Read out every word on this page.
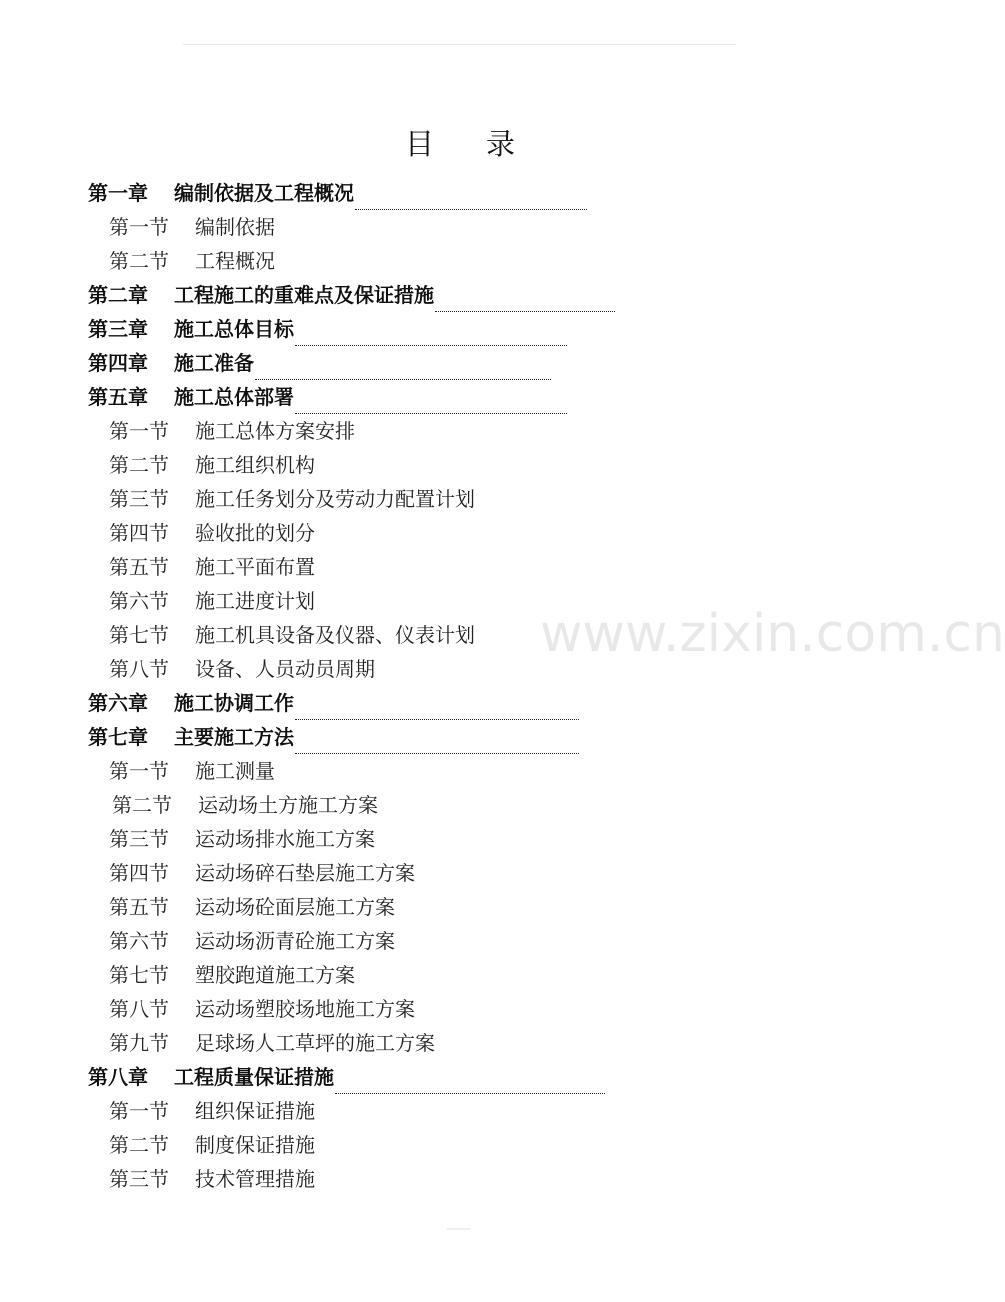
目录
www.zixin.com.cn
第一章 编制依据及工程概况
第一节 编制依据
第二节 工程概况
第二章 工程施工的重难点及保证措施
第三章 施工总体目标
第四章 施工准备
第五章 施工总体部署
第一节 施工总体方案安排
第二节 施工组织机构
第三节 施工任务划分及劳动力配置计划
第四节 验收批的划分
第五节 施工平面布置
第六节 施工进度计划
第七节 施工机具设备及仪器、仪表计划
第八节 设备、人员动员周期
第六章 施工协调工作
第七章 主要施工方法
第一节 施工测量
第二节 运动场土方施工方案
第三节 运动场排水施工方案
第四节 运动场碎石垫层施工方案
第五节 运动场砼面层施工方案
第六节 运动场沥青砼施工方案
第七节 塑胶跑道施工方案
第八节 运动场塑胶场地施工方案
第九节 足球场人工草坪的施工方案
第八章 工程质量保证措施
第一节 组织保证措施
第二节 制度保证措施
第三节 技术管理措施
